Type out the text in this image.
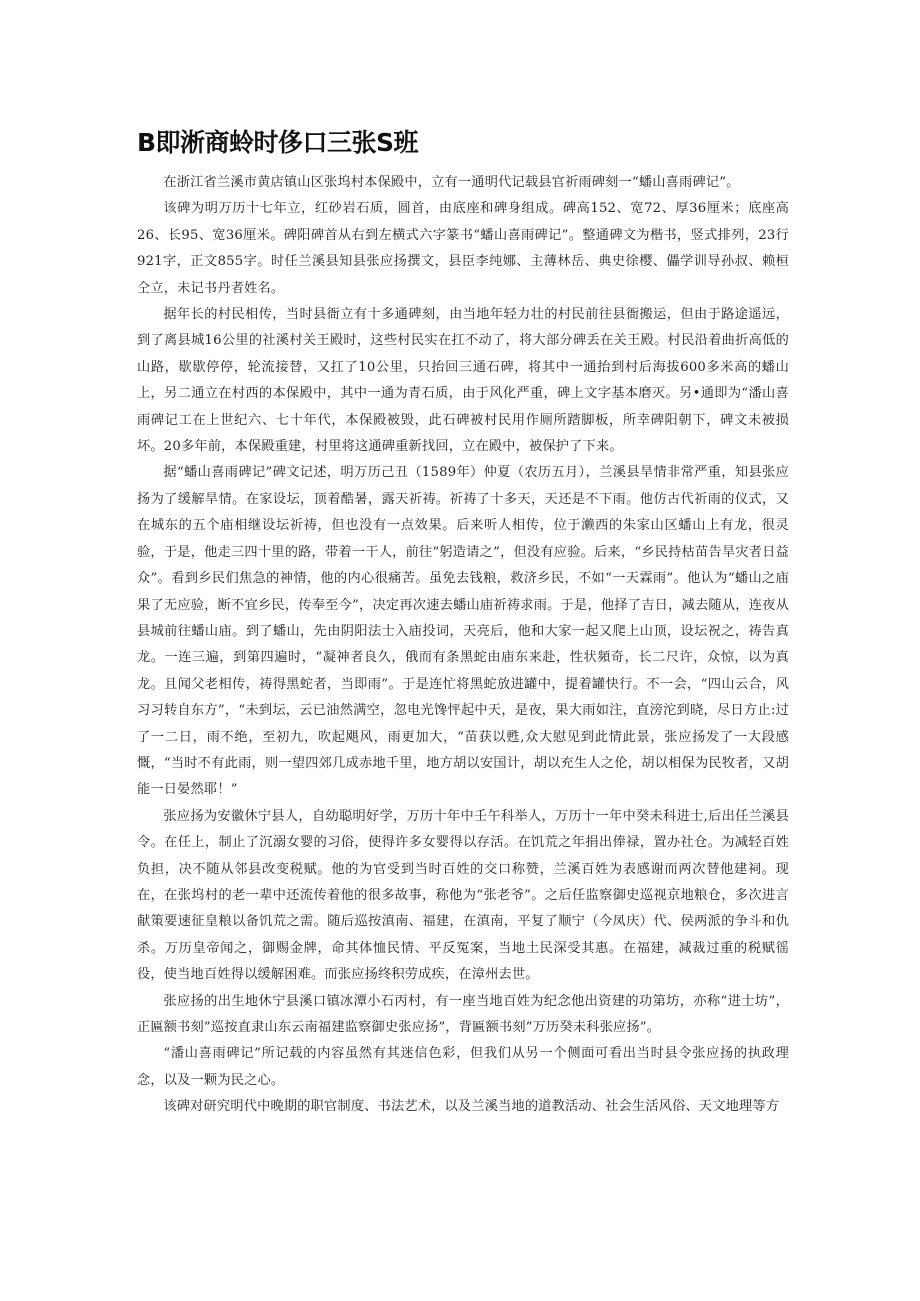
B即淅商蛉时侈口三张S班

在浙江省兰溪市黄店镇山区张坞村本保殿中，立有一通明代记载县官祈雨碑刻一“蟠山喜雨碑记”。

该碑为明万历十七年立，红砂岩石质，圆首，由底座和碑身组成。碑高152、宽72、厚36厘米；底座高26、长95、宽36厘米。碑阳碑首从右到左横式六字篆书“蟠山喜雨碑记”。整通碑文为楷书，竖式排列，23行921字，正文855字。时任兰溪县知县张应扬撰文，县臣李纯娜、主薄林岳、典史徐樱、儡学训导孙叔、赖桓仝立，未记书丹者姓名。

据年长的村民相传，当时县衙立有十多通碑刻，由当地年轻力壮的村民前往县衙搬运，但由于路途遥远，到了离县城16公里的社溪村关王殿时，这些村民实在扛不动了，将大部分碑丢在关王殿。村民沿着曲折高低的山路，歇歇停停，轮流接替，又扛了10公里，只抬回三通石碑，将其中一通抬到村后海拔600多米高的蟠山上，另二通立在村西的本保殿中，其中一通为青石质，由于风化严重，碑上文字基本磨灭。另•通即为“潘山喜雨碑记工在上世纪六、七十年代，本保殿被毁，此石碑被村民用作厕所踏脚板，所幸碑阳朝下，碑文未被损坏。20多年前，本保殿重建，村里将这通碑重新找回，立在殿中，被保护了下来。

据“蟠山喜雨碑记”碑文记述，明万历己丑（1589年）仲夏（农历五月），兰溪县旱情非常严重，知县张应扬为了缓解旱情。在家设坛，顶着酷暑，露天祈祷。祈祷了十多天，天还是不下雨。他仿古代祈雨的仪式，又在城东的五个庙相继设坛祈祷，但也没有一点效果。后来听人相传，位于濑西的朱家山区蟠山上有龙，很灵验，于是，他走三四十里的路，带着一干人，前往“躬造请之”，但没有应验。后来，“乡民持枯苗告旱灾者日益众”。看到乡民们焦急的神情，他的内心很痛苦。虽免去钱粮，救济乡民，不如“一天霖雨”。他认为“蟠山之庙果了无应验，断不宜乡民，传奉至今”，决定再次速去蟠山庙祈祷求雨。于是，他择了吉日，减去随从，连夜从县城前往蟠山庙。到了蟠山，先由阴阳法士入庙投词，天亮后，他和大家一起又爬上山顶，设坛祝之，祷告真龙。一连三遍，到第四遍时，“凝神者良久，俄而有条黑蛇由庙东来赴，性状頻奇，长二尺许，众惊，以为真龙。且闻父老相传，祷得黑蛇者，当即雨”。于是连忙将黑蛇放进罐中，提着罐快行。不一会，“四山云合，风习习转自东方”，“未到坛，云已油然满空，忽电光馋怦起中天，是夜，果大雨如注，直滂沱到晓，尽日方止:过了一二日，雨不绝，至初九，吹起飓风，雨更加大，“苗获以甦,众大慰见到此情此景，张应扬发了一大段感慨，“当时不有此雨，则一望四郊几成赤地千里，地方胡以安国计，胡以充生人之伦，胡以相保为民牧者，又胡能一日晏然耶！”

张应扬为安徽休宁县人，自幼聪明好学，万历十年中壬午科举人，万历十一年中癸未科进士,后出任兰溪县令。在任上，制止了沉溺女婴的习俗，使得许多女婴得以存活。在饥荒之年捐出俸禄，置办社仓。为减轻百姓负担，决不随从邻县改变税赋。他的为官受到当时百姓的交口称赞，兰溪百姓为表感谢而两次替他建祠。现在，在张坞村的老一辈中还流传着他的很多故事，称他为“张老爷”。之后任监察御史巡视京地粮仓，多次进言献策要速征皇粮以备饥荒之需。随后巡按滇南、福建，在滇南，平复了顺宁（今凤庆）代、侯两派的争斗和仇杀。万历皇帝闻之，御赐金牌，命其体恤民情、平反冤案，当地土民深受其惠。在福建，减裁过重的税赋徭役，使当地百姓得以缓解困难。而张应扬终积劳成疾，在漳州去世。

张应扬的出生地休宁县溪口镇冰潭小石丙村，有一座当地百姓为纪念他出资建的功第坊，亦称“进士坊”，正匾额书刻”巡按直隶山东云南福建监察御史张应扬”，背匾额书刻”万历癸未科张应扬”。

“潘山喜雨碑记”所记载的内容虽然有其迷信色彩，但我们从另一个侧面可看出当时县令张应扬的执政理念，以及一颗为民之心。

该碑对研究明代中晚期的职官制度、书法艺术，以及兰溪当地的道教活动、社会生活风俗、天文地理等方
